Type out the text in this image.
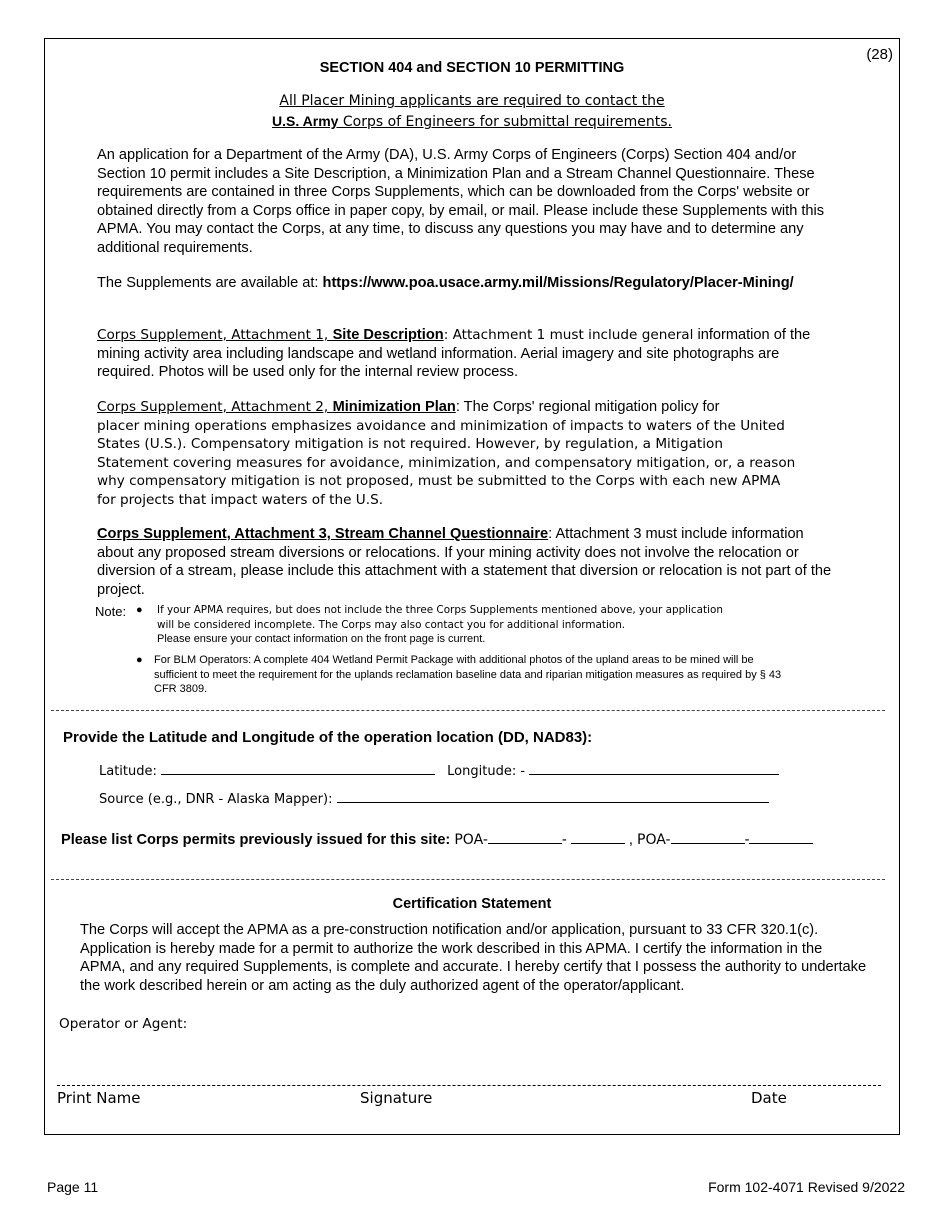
(28)
SECTION 404 and SECTION 10 PERMITTING
All Placer Mining applicants are required to contact the
U.S. Army Corps of Engineers for submittal requirements.
An application for a Department of the Army (DA), U.S. Army Corps of Engineers (Corps) Section 404 and/or Section 10 permit includes a Site Description, a Minimization Plan and a Stream Channel Questionnaire. These requirements are contained in three Corps Supplements, which can be downloaded from the Corps' website or obtained directly from a Corps office in paper copy, by email, or mail. Please include these Supplements with this APMA. You may contact the Corps, at any time, to discuss any questions you may have and to determine any additional requirements.
The Supplements are available at: https://www.poa.usace.army.mil/Missions/Regulatory/Placer-Mining/
Corps Supplement, Attachment 1, Site Description: Attachment 1 must include general information of the mining activity area including landscape and wetland information. Aerial imagery and site photographs are required. Photos will be used only for the internal review process.
Corps Supplement, Attachment 2, Minimization Plan: The Corps' regional mitigation policy for
placer mining operations emphasizes avoidance and minimization of impacts to waters of the United
States (U.S.). Compensatory mitigation is not required. However, by regulation, a Mitigation
Statement covering measures for avoidance, minimization, and compensatory mitigation, or, a reason
why compensatory mitigation is not proposed, must be submitted to the Corps with each new APMA
for projects that impact waters of the U.S.
Corps Supplement, Attachment 3, Stream Channel Questionnaire: Attachment 3 must include information about any proposed stream diversions or relocations. If your mining activity does not involve the relocation or diversion of a stream, please include this attachment with a statement that diversion or relocation is not part of the project.
Note: ● If your APMA requires, but does not include the three Corps Supplements mentioned above, your application
will be considered incomplete. The Corps may also contact you for additional information.
Please ensure your contact information on the front page is current.
●	For BLM Operators: A complete 404 Wetland Permit Package with additional photos of the upland areas to be mined will be sufficient to meet the requirement for the uplands reclamation baseline data and riparian mitigation measures as required by § 43 CFR 3809.
Provide the Latitude and Longitude of the operation location (DD, NAD83):
Latitude:	Longitude: -
Source (e.g., DNR - Alaska Mapper):
Please list Corps permits previously issued for this site: POA-	-	, POA-	-
Certification Statement
The Corps will accept the APMA as a pre-construction notification and/or application, pursuant to 33 CFR 320.1(c). Application is hereby made for a permit to authorize the work described in this APMA. I certify the information in the APMA, and any required Supplements, is complete and accurate. I hereby certify that I possess the authority to undertake the work described herein or am acting as the duly authorized agent of the operator/applicant.
Operator or Agent:
Print Name	Signature	Date
Page 11	Form 102-4071 Revised 9/2022
